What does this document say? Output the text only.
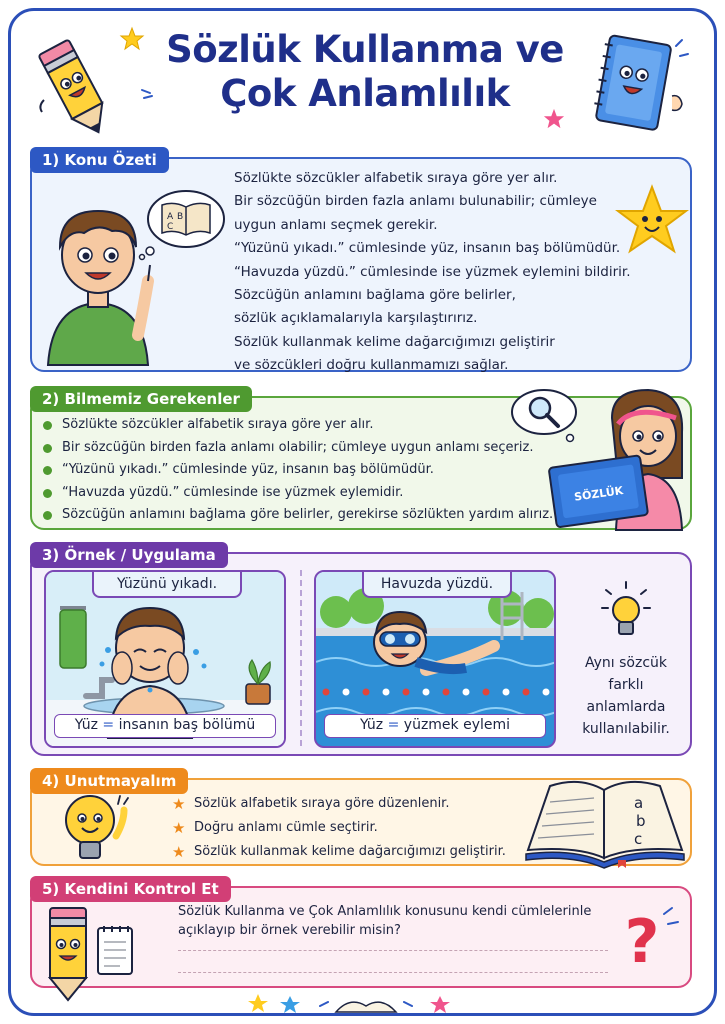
Sözlük Kullanma ve
Çok Anlamlılık
1) Konu Özeti
A B
C
Sözlükte sözcükler alfabetik sıraya göre yer alır.
Bir sözcüğün birden fazla anlamı bulunabilir; cümleye
uygun anlamı seçmek gerekir.
“Yüzünü yıkadı.” cümlesinde yüz, insanın baş bölümüdür.
“Havuzda yüzdü.” cümlesinde ise yüzmek eylemini bildirir.
Sözcüğün anlamını bağlama göre belirler,
sözlük açıklamalarıyla karşılaştırırız.
Sözlük kullanmak kelime dağarcığımızı geliştirir
ve sözcükleri doğru kullanmamızı sağlar.
2) Bilmemiz Gerekenler
Sözlükte sözcükler alfabetik sıraya göre yer alır.
Bir sözcüğün birden fazla anlamı olabilir; cümleye uygun anlamı seçeriz.
“Yüzünü yıkadı.” cümlesinde yüz, insanın baş bölümüdür.
“Havuzda yüzdü.” cümlesinde ise yüzmek eylemidir.
Sözcüğün anlamını bağlama göre belirler, gerekirse sözlükten yardım alırız.
SÖZLÜK
3) Örnek / Uygulama
Yüzünü yıkadı.
Yüz = insanın baş bölümü
Havuzda yüzdü.
Yüz = yüzmek eylemi
Aynı sözcük farklı anlamlarda kullanılabilir.
4) Unutmayalım
★ Sözlük alfabetik sıraya göre düzenlenir.
★ Doğru anlamı cümle seçtirir.
★ Sözlük kullanmak kelime dağarcığımızı geliştirir.
a
b
c
5) Kendini Kontrol Et
Sözlük Kullanma ve Çok Anlamlılık konusunu kendi cümlelerinle
açıklayıp bir örnek verebilir misin?	?
